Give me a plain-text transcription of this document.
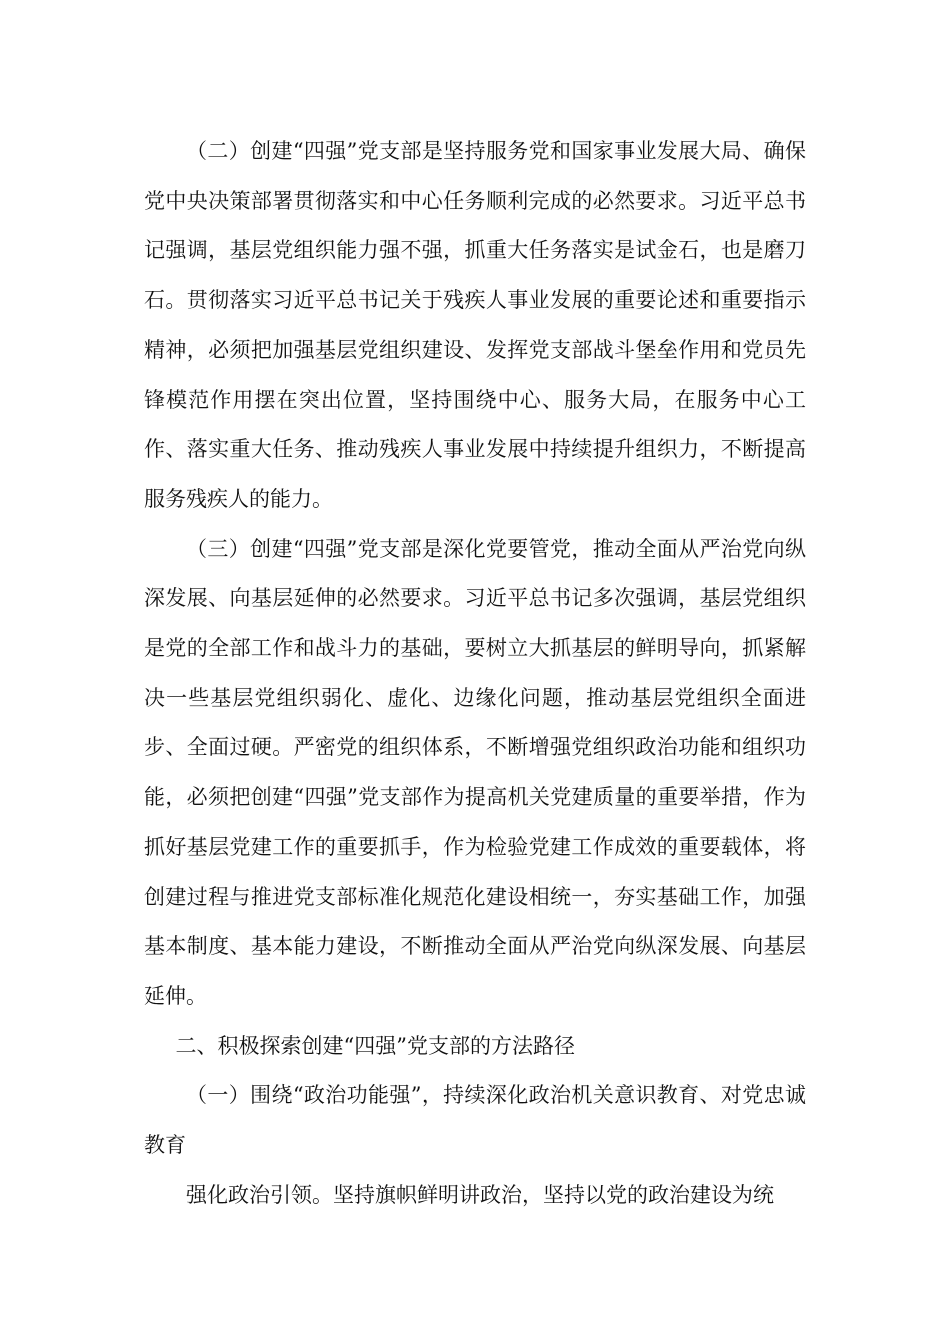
（二）创建“四强”党支部是坚持服务党和国家事业发展大局、确保党中央决策部署贯彻落实和中心任务顺利完成的必然要求。习近平总书记强调，基层党组织能力强不强，抓重大任务落实是试金石，也是磨刀石。贯彻落实习近平总书记关于残疾人事业发展的重要论述和重要指示精神，必须把加强基层党组织建设、发挥党支部战斗堡垒作用和党员先锋模范作用摆在突出位置，坚持围绕中心、服务大局，在服务中心工作、落实重大任务、推动残疾人事业发展中持续提升组织力，不断提高服务残疾人的能力。

（三）创建“四强”党支部是深化党要管党，推动全面从严治党向纵深发展、向基层延伸的必然要求。习近平总书记多次强调，基层党组织是党的全部工作和战斗力的基础，要树立大抓基层的鲜明导向，抓紧解决一些基层党组织弱化、虚化、边缘化问题，推动基层党组织全面进步、全面过硬。严密党的组织体系，不断增强党组织政治功能和组织功能，必须把创建“四强”党支部作为提高机关党建质量的重要举措，作为抓好基层党建工作的重要抓手，作为检验党建工作成效的重要载体，将创建过程与推进党支部标准化规范化建设相统一，夯实基础工作，加强基本制度、基本能力建设，不断推动全面从严治党向纵深发展、向基层延伸。

二、积极探索创建“四强”党支部的方法路径

（一）围绕“政治功能强”，持续深化政治机关意识教育、对党忠诚教育

强化政治引领。坚持旗帜鲜明讲政治，坚持以党的政治建设为统
